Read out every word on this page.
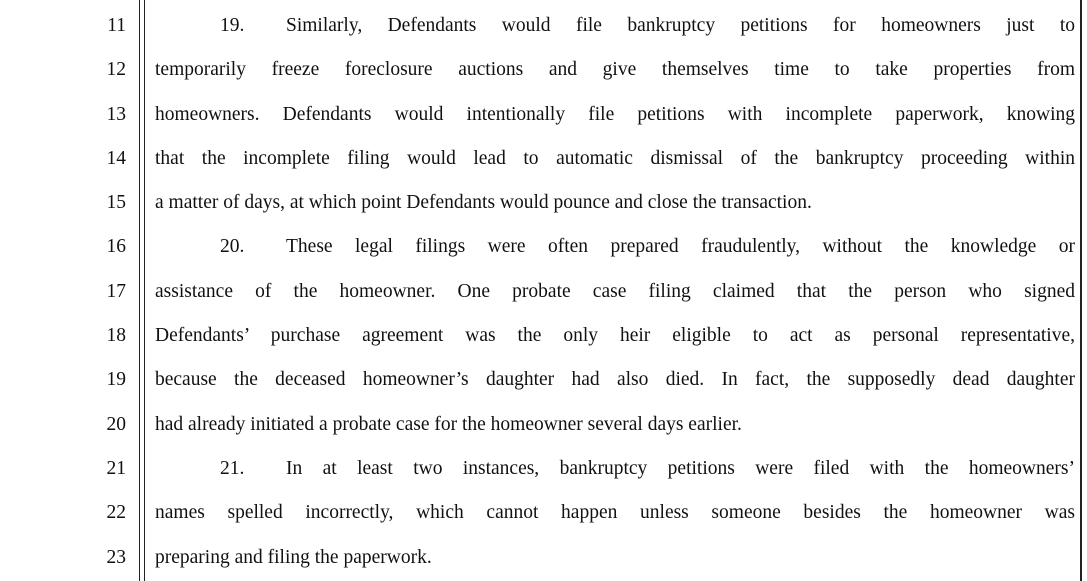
11	19. Similarly, Defendants would file bankruptcy petitions for homeowners just to
12 temporarily freeze foreclosure auctions and give themselves time to take properties from
13 homeowners. Defendants would intentionally file petitions with incomplete paperwork, knowing
14 that the incomplete filing would lead to automatic dismissal of the bankruptcy proceeding within
15 a matter of days, at which point Defendants would pounce and close the transaction.
16	20. These legal filings were often prepared fraudulently, without the knowledge or
17 assistance of the homeowner. One probate case filing claimed that the person who signed
18 Defendants’ purchase agreement was the only heir eligible to act as personal representative,
19 because the deceased homeowner’s daughter had also died. In fact, the supposedly dead daughter
20 had already initiated a probate case for the homeowner several days earlier.
21	21. In at least two instances, bankruptcy petitions were filed with the homeowners’
22 names spelled incorrectly, which cannot happen unless someone besides the homeowner was
23 preparing and filing the paperwork.
